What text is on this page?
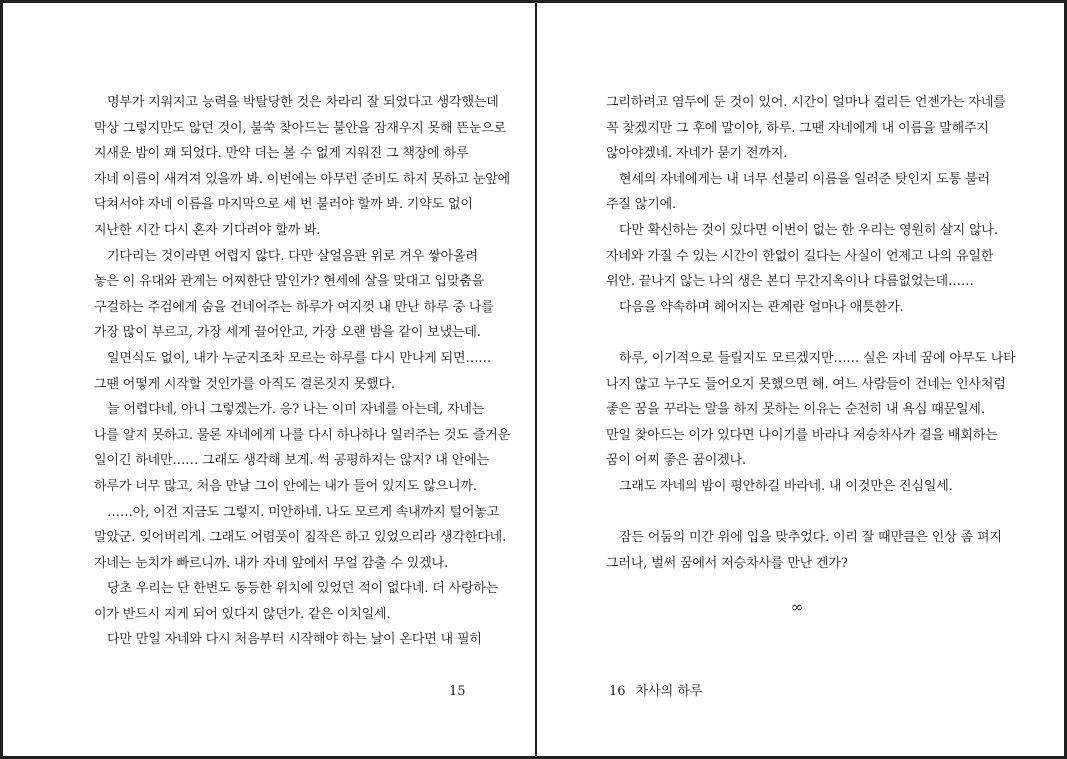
명부가 지워지고 능력을 박탈당한 것은 차라리 잘 되었다고 생각했는데
막상 그렇지만도 않던 것이, 불쑥 찾아드는 불안을 잠재우지 못해 뜬눈으로
지새운 밤이 꽤 되었다. 만약 더는 볼 수 없게 지워진 그 책장에 하루
자네 이름이 새겨져 있을까 봐. 이번에는 아무런 준비도 하지 못하고 눈앞에
닥쳐서야 자네 이름을 마지막으로 세 번 불러야 할까 봐. 기약도 없이
지난한 시간 다시 혼자 기다려야 할까 봐.
기다리는 것이라면 어렵지 않다. 다만 살얼음판 위로 겨우 쌓아올려
놓은 이 유대와 관계는 어찌한단 말인가? 현세에 살을 맞대고 입맞춤을
구걸하는 주검에게 숨을 건네어주는 하루가 여지껏 내 만난 하루 중 나를
가장 많이 부르고, 가장 세게 끌어안고, 가장 오랜 밤을 같이 보냈는데.
일면식도 없이, 내가 누군지조차 모르는 하루를 다시 만나게 되면……
그땐 어떻게 시작할 것인가를 아직도 결론짓지 못했다.
늘 어렵다네, 아니 그렇겠는가. 응? 나는 이미 자네를 아는데, 자네는
나를 알지 못하고. 물론 자네에게 나를 다시 하나하나 일러주는 것도 즐거운
일이긴 하네만…… 그래도 생각해 보게. 썩 공평하지는 않지? 내 안에는
하루가 너무 많고, 처음 만날 그이 안에는 내가 들어 있지도 않으니까.
……아, 이건 지금도 그렇지. 미안하네. 나도 모르게 속내까지 털어놓고
말았군. 잊어버리게. 그래도 어렴풋이 짐작은 하고 있었으리라 생각한다네.
자네는 눈치가 빠르니까. 내가 자네 앞에서 무얼 감출 수 있겠나.
당초 우리는 단 한번도 동등한 위치에 있었던 적이 없다네. 더 사랑하는
이가 반드시 지게 되어 있다지 않던가. 같은 이치일세.
다만 만일 자네와 다시 처음부터 시작해야 하는 날이 온다면 내 필히
15
그리하려고 염두에 둔 것이 있어. 시간이 얼마나 걸리든 언젠가는 자네를
꼭 찾겠지만 그 후에 말이야, 하루. 그땐 자네에게 내 이름을 말해주지
않아야겠네. 자네가 묻기 전까지.
현세의 자네에게는 내 너무 선불리 이름을 일러준 탓인지 도통 불러
주질 않기에.
다만 확신하는 것이 있다면 이번이 없는 한 우리는 영원히 살지 않나.
자네와 가질 수 있는 시간이 한없이 길다는 사실이 언제고 나의 유일한
위안. 끝나지 않는 나의 생은 본디 무간지옥이나 다름없었는데……
다음을 약속하며 헤어지는 관계란 얼마나 애틋한가.
하루, 이기적으로 들릴지도 모르겠지만…… 실은 자네 꿈에 아무도 나타
나지 않고 누구도 들어오지 못했으면 해. 여느 사람들이 건네는 인사처럼
좋은 꿈을 꾸라는 말을 하지 못하는 이유는 순전히 내 욕심 때문일세.
만일 찾아드는 이가 있다면 나이기를 바라나 저승차사가 곁을 배회하는
꿈이 어찌 좋은 꿈이겠나.
그래도 자네의 밤이 평안하길 바라네. 내 이것만은 진심일세.
잠든 어둠의 미간 위에 입을 맞추었다. 이리 잘 때만큼은 인상 좀 펴지
그러나, 벌써 꿈에서 저승차사를 만난 겐가?
∞
16 차사의 하루
